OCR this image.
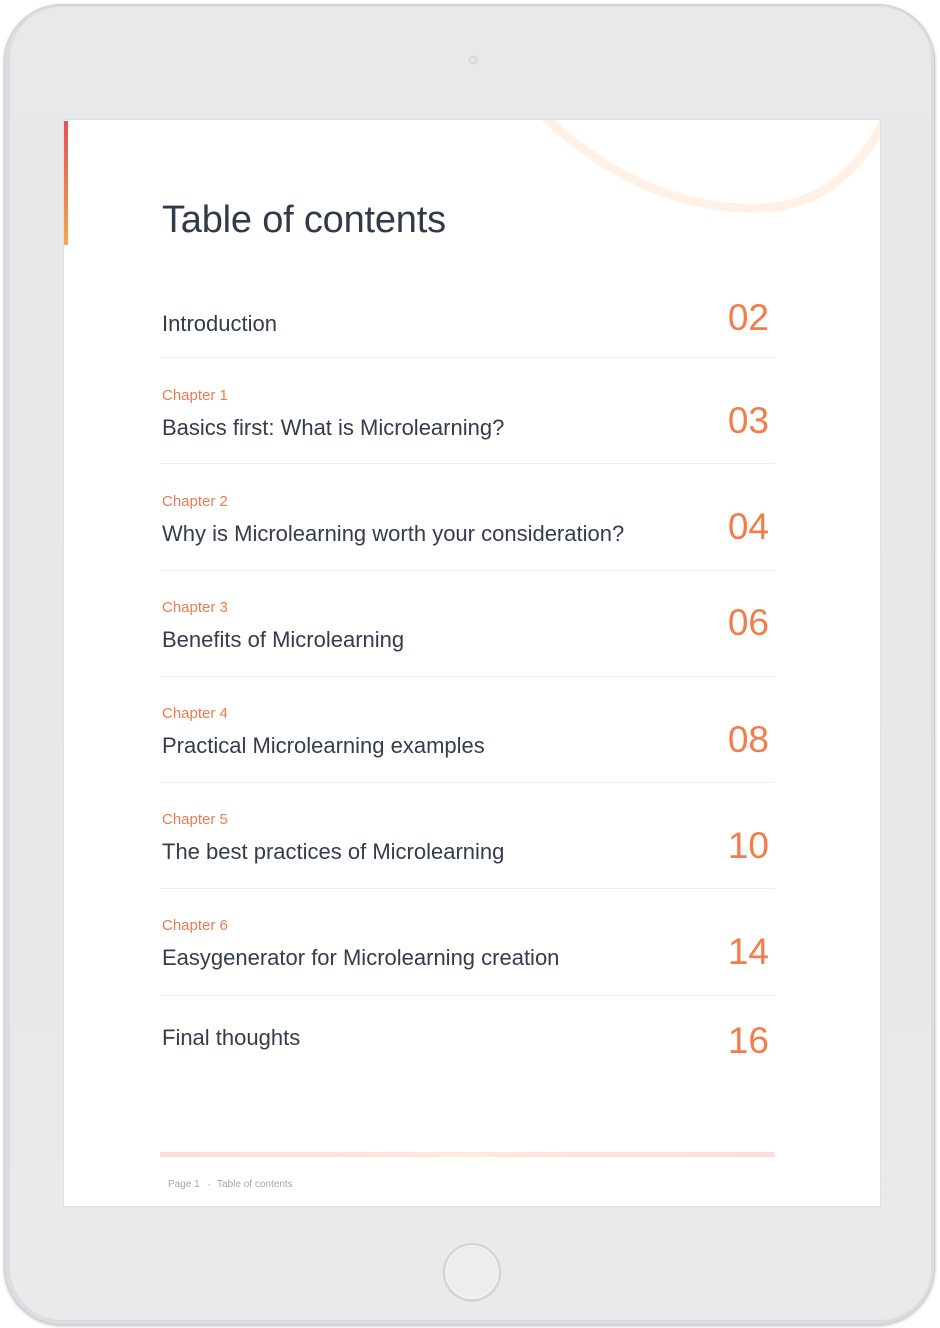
Table of contents
Introduction	02
Chapter 1
Basics first: What is Microlearning?	03
Chapter 2
Why is Microlearning worth your consideration?	04
Chapter 3
Benefits of Microlearning	06
Chapter 4
Practical Microlearning examples	08
Chapter 5
The best practices of Microlearning	10
Chapter 6
Easygenerator for Microlearning creation	14
Final thoughts	16
Page 1 · Table of contents
